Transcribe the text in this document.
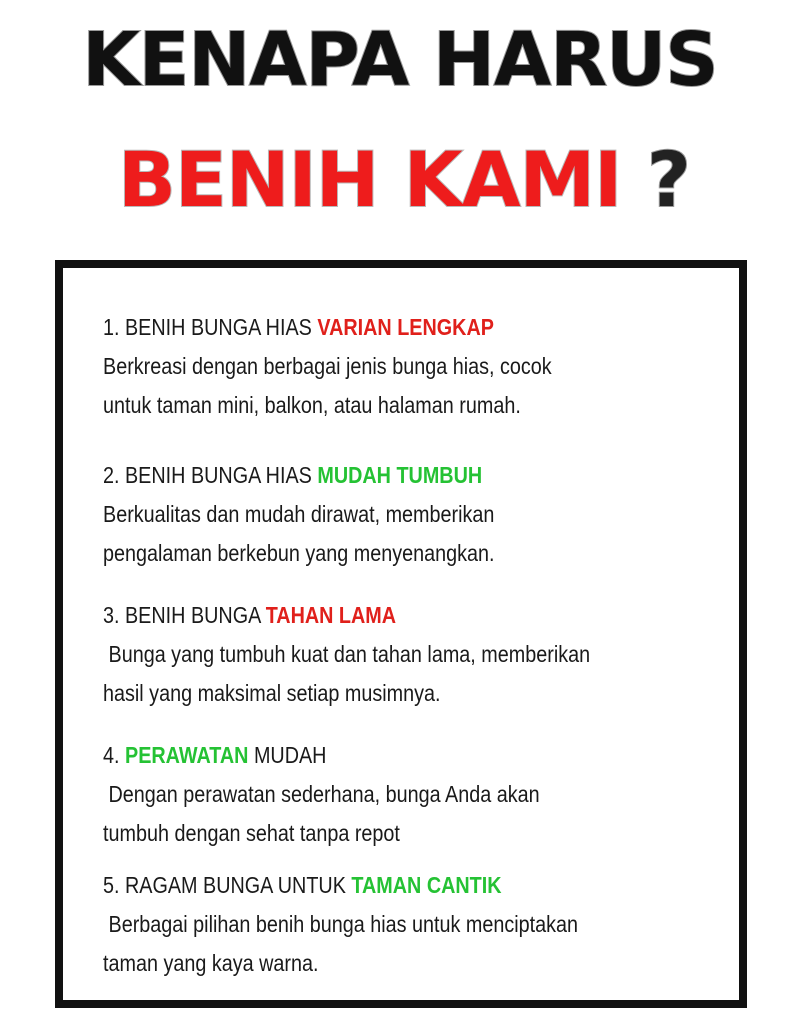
KENAPA HARUS
BENIH KAMI ?
1. BENIH BUNGA HIAS VARIAN LENGKAP
Berkreasi dengan berbagai jenis bunga hias, cocok
untuk taman mini, balkon, atau halaman rumah.
2. BENIH BUNGA HIAS MUDAH TUMBUH
Berkualitas dan mudah dirawat, memberikan
pengalaman berkebun yang menyenangkan.
3. BENIH BUNGA TAHAN LAMA
Bunga yang tumbuh kuat dan tahan lama, memberikan
hasil yang maksimal setiap musimnya.
4. PERAWATAN MUDAH
Dengan perawatan sederhana, bunga Anda akan
tumbuh dengan sehat tanpa repot
5. RAGAM BUNGA UNTUK TAMAN CANTIK
Berbagai pilihan benih bunga hias untuk menciptakan
taman yang kaya warna.
